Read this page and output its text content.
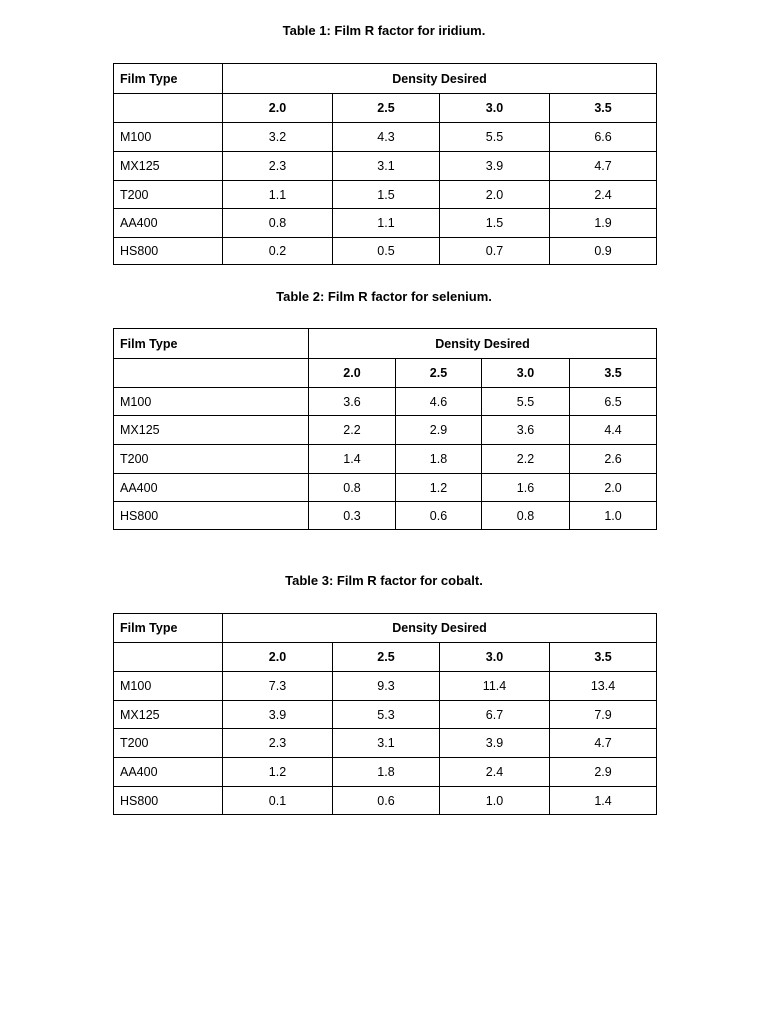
Table 1: Film R factor for iridium.
Film Type	Density Desired			
	2.0	2.5	3.0	3.5
M100	3.2	4.3	5.5	6.6
MX125	2.3	3.1	3.9	4.7
T200	1.1	1.5	2.0	2.4
AA400	0.8	1.1	1.5	1.9
HS800	0.2	0.5	0.7	0.9
Table 2: Film R factor for selenium.
Film Type	Density Desired			
	2.0	2.5	3.0	3.5
M100	3.6	4.6	5.5	6.5
MX125	2.2	2.9	3.6	4.4
T200	1.4	1.8	2.2	2.6
AA400	0.8	1.2	1.6	2.0
HS800	0.3	0.6	0.8	1.0
Table 3: Film R factor for cobalt.
Film Type	Density Desired			
	2.0	2.5	3.0	3.5
M100	7.3	9.3	11.4	13.4
MX125	3.9	5.3	6.7	7.9
T200	2.3	3.1	3.9	4.7
AA400	1.2	1.8	2.4	2.9
HS800	0.1	0.6	1.0	1.4
